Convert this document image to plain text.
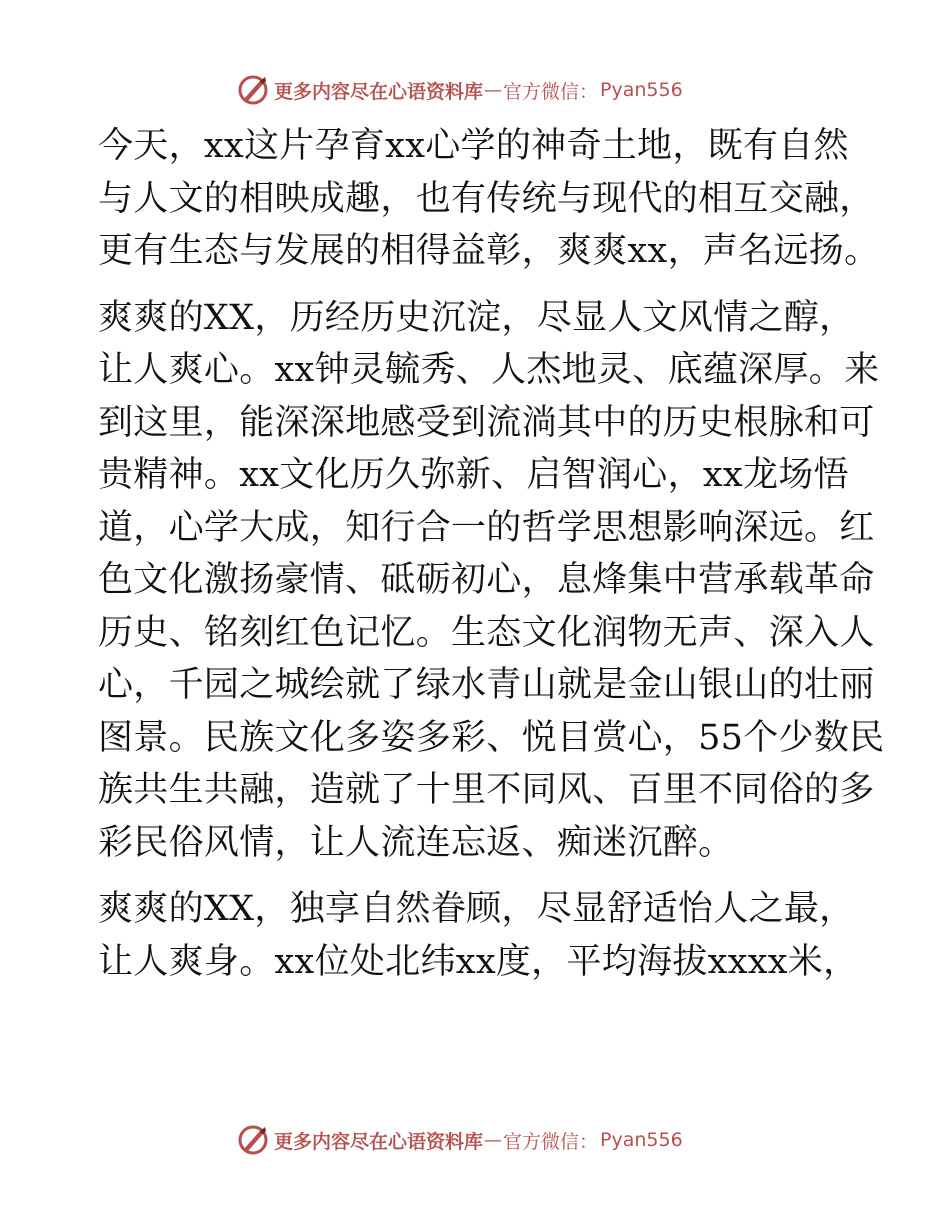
更多内容尽在心语资料库 — 官方微信： Pyan556

今天，xx这片孕育xx心学的神奇土地，既有自然
与人文的相映成趣，也有传统与现代的相互交融，
更有生态与发展的相得益彰，爽爽xx，声名远扬。

爽爽的XX，历经历史沉淀，尽显人文风情之醇，
让人爽心。xx钟灵毓秀、人杰地灵、底蕴深厚。来
到这里，能深深地感受到流淌其中的历史根脉和可
贵精神。xx文化历久弥新、启智润心，xx龙场悟
道，心学大成，知行合一的哲学思想影响深远。红
色文化激扬豪情、砥砺初心，息烽集中营承载革命
历史、铭刻红色记忆。生态文化润物无声、深入人
心，千园之城绘就了绿水青山就是金山银山的壮丽
图景。民族文化多姿多彩、悦目赏心，55个少数民
族共生共融，造就了十里不同风、百里不同俗的多
彩民俗风情，让人流连忘返、痴迷沉醉。

爽爽的XX，独享自然眷顾，尽显舒适怡人之最，
让人爽身。xx位处北纬xx度，平均海拔xxxx米，

更多内容尽在心语资料库 — 官方微信： Pyan556
